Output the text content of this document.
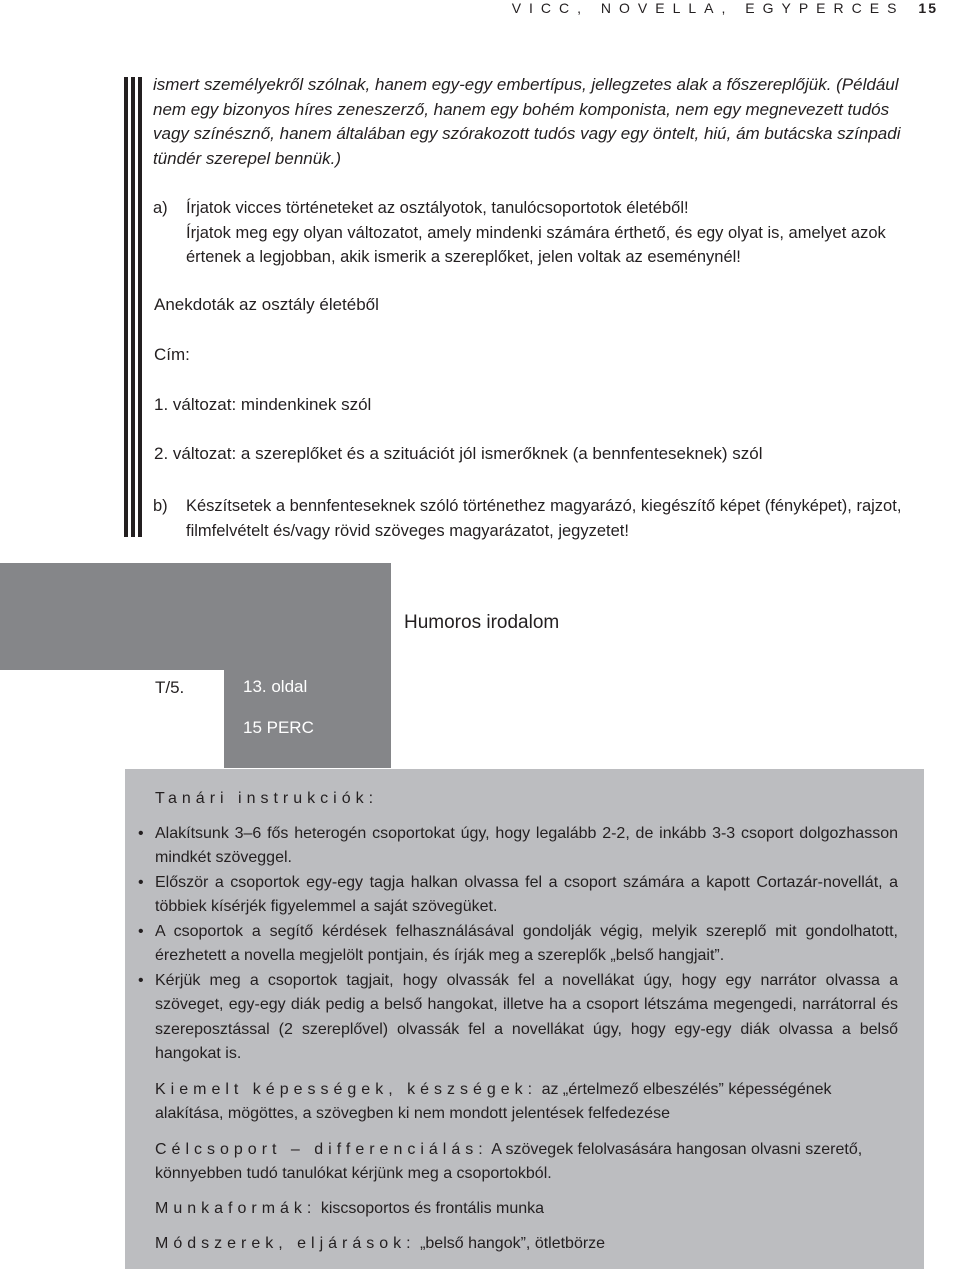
VICC, NOVELLA, EGYPERCES 15
ismert személyekről szólnak, hanem egy-egy embertípus, jellegzetes alak a főszereplőjük. (Például nem egy bizonyos híres zeneszerző, hanem egy bohém komponista, nem egy megnevezett tudós vagy színésznő, hanem általában egy szórakozott tudós vagy egy öntelt, hiú, ám butácska színpadi tündér szerepel bennük.)
a) Írjatok vicces történeteket az osztályotok, tanulócsoportotok életéből!
Írjatok meg egy olyan változatot, amely mindenki számára érthető, és egy olyat is, amelyet azok értenek a legjobban, akik ismerik a szereplőket, jelen voltak az eseménynél!
Anekdoták az osztály életéből
Cím:
1. változat: mindenkinek szól
2. változat: a szereplőket és a szituációt jól ismerőknek (a bennfenteseknek) szól
b) Készítsetek a bennfenteseknek szóló történethez magyarázó, kiegészítő képet (fényképet), rajzot, filmfelvételt és/vagy rövid szöveges magyarázatot, jegyzetet!
Humoros irodalom
T/5.	13. oldal
15 PERC
Tanári instrukciók:
• Alakítsunk 3–6 fős heterogén csoportokat úgy, hogy legalább 2-2, de inkább 3-3 csoport dolgozhasson mindkét szöveggel.
• Először a csoportok egy-egy tagja halkan olvassa fel a csoport számára a kapott Cortazár-novellát, a többiek kísérjék figyelemmel a saját szövegüket.
• A csoportok a segítő kérdések felhasználásával gondolják végig, melyik szereplő mit gondolhatott, érezhetett a novella megjelölt pontjain, és írják meg a szereplők „belső hangjait”.
• Kérjük meg a csoportok tagjait, hogy olvassák fel a novellákat úgy, hogy egy narrátor olvassa a szöveget, egy-egy diák pedig a belső hangokat, illetve ha a csoport létszáma megengedi, narrátorral és szereposztással (2 szereplővel) olvassák fel a novellákat úgy, hogy egy-egy diák olvassa a belső hangokat is.
Kiemelt képességek, készségek: az „értelmező elbeszélés” képességének alakítása, mögöttes, a szövegben ki nem mondott jelentések felfedezése
Célcsoport – differenciálás: A szövegek felolvasására hangosan olvasni szerető, könnyebben tudó tanulókat kérjünk meg a csoportokból.
Munkaformák: kiscsoportos és frontális munka
Módszerek, eljárások: „belső hangok”, ötletbörze
